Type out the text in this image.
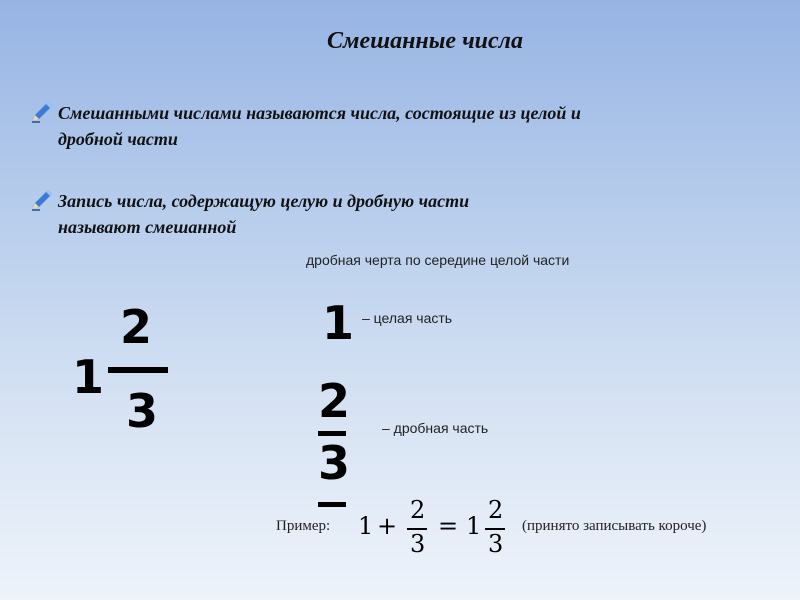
Смешанные числа
Смешанными числами называются числа, состоящие из целой и
дробной части
Запись числа, содержащую целую и дробную части
называют смешанной
дробная черта по середине целой части
1
2
3
1 – целая часть
2
3
– дробная часть
Пример: 1 +
2
3
= 1
2
3
(принято записывать короче)
